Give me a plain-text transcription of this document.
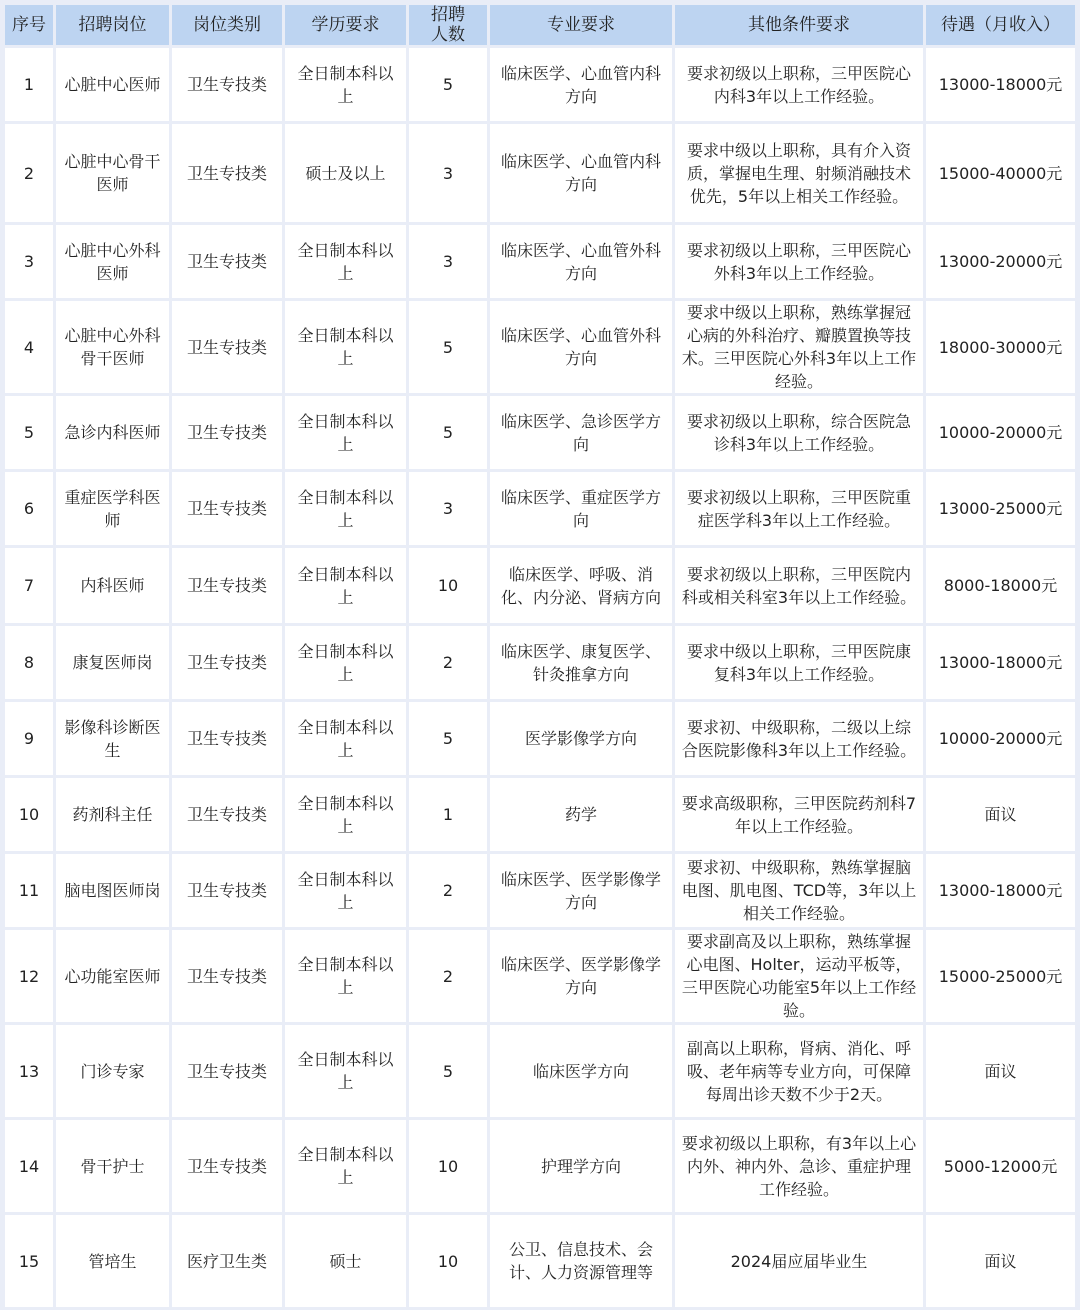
序号	招聘岗位	岗位类别	学历要求	招聘人数	专业要求	其他条件要求	待遇（月收入）
1	心脏中心医师	卫生专技类	全日制本科以上	5	临床医学、心血管内科方向	要求初级以上职称，三甲医院心内科3年以上工作经验。	13000-18000元
2	心脏中心骨干医师	卫生专技类	硕士及以上	3	临床医学、心血管内科方向	要求中级以上职称，具有介入资质，掌握电生理、射频消融技术优先，5年以上相关工作经验。	15000-40000元
3	心脏中心外科医师	卫生专技类	全日制本科以上	3	临床医学、心血管外科方向	要求初级以上职称，三甲医院心外科3年以上工作经验。	13000-20000元
4	心脏中心外科骨干医师	卫生专技类	全日制本科以上	5	临床医学、心血管外科方向	要求中级以上职称，熟练掌握冠心病的外科治疗、瓣膜置换等技术。三甲医院心外科3年以上工作经验。	18000-30000元
5	急诊内科医师	卫生专技类	全日制本科以上	5	临床医学、急诊医学方向	要求初级以上职称，综合医院急诊科3年以上工作经验。	10000-20000元
6	重症医学科医师	卫生专技类	全日制本科以上	3	临床医学、重症医学方向	要求初级以上职称，三甲医院重症医学科3年以上工作经验。	13000-25000元
7	内科医师	卫生专技类	全日制本科以上	10	临床医学、呼吸、消化、内分泌、肾病方向	要求初级以上职称，三甲医院内科或相关科室3年以上工作经验。	8000-18000元
8	康复医师岗	卫生专技类	全日制本科以上	2	临床医学、康复医学、针灸推拿方向	要求中级以上职称，三甲医院康复科3年以上工作经验。	13000-18000元
9	影像科诊断医生	卫生专技类	全日制本科以上	5	医学影像学方向	要求初、中级职称，二级以上综合医院影像科3年以上工作经验。	10000-20000元
10	药剂科主任	卫生专技类	全日制本科以上	1	药学	要求高级职称，三甲医院药剂科7年以上工作经验。	面议
11	脑电图医师岗	卫生专技类	全日制本科以上	2	临床医学、医学影像学方向	要求初、中级职称，熟练掌握脑电图、肌电图、TCD等，3年以上相关工作经验。	13000-18000元
12	心功能室医师	卫生专技类	全日制本科以上	2	临床医学、医学影像学方向	要求副高及以上职称，熟练掌握心电图、Holter，运动平板等，三甲医院心功能室5年以上工作经验。	15000-25000元
13	门诊专家	卫生专技类	全日制本科以上	5	临床医学方向	副高以上职称，肾病、消化、呼吸、老年病等专业方向，可保障每周出诊天数不少于2天。	面议
14	骨干护士	卫生专技类	全日制本科以上	10	护理学方向	要求初级以上职称，有3年以上心内外、神内外、急诊、重症护理工作经验。	5000-12000元
15	管培生	医疗卫生类	硕士	10	公卫、信息技术、会计、人力资源管理等	2024届应届毕业生	面议
